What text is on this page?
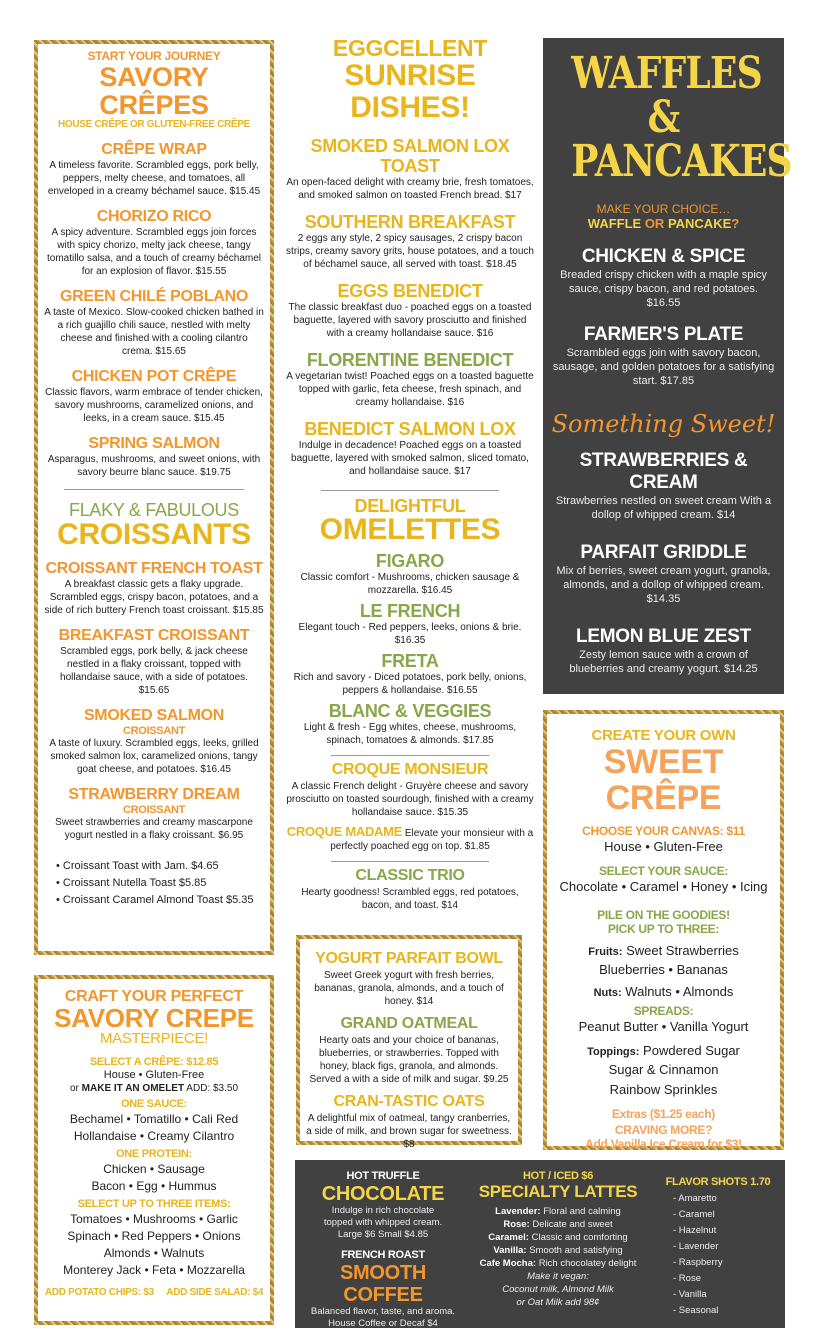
START YOUR JOURNEY
SAVORY CRÊPES
HOUSE CRÊPE OR GLUTEN-FREE CRÊPE
CRÊPE WRAP
A timeless favorite. Scrambled eggs, pork belly, peppers, melty cheese, and tomatoes, all enveloped in a creamy béchamel sauce. $15.45
CHORIZO RICO
A spicy adventure. Scrambled eggs join forces with spicy chorizo, melty jack cheese, tangy tomatillo salsa, and a touch of creamy béchamel for an explosion of flavor. $15.55
GREEN CHILÉ POBLANO
A taste of Mexico. Slow-cooked chicken bathed in a rich guajillo chili sauce, nestled with melty cheese and finished with a cooling cilantro crema. $15.65
CHICKEN POT CRÊPE
Classic flavors, warm embrace of tender chicken, savory mushrooms, caramelized onions, and leeks, in a cream sauce. $15.45
SPRING SALMON
Asparagus, mushrooms, and sweet onions, with savory beurre blanc sauce. $19.75
FLAKY & FABULOUS
CROISSANTS
CROISSANT FRENCH TOAST
A breakfast classic gets a flaky upgrade. Scrambled eggs, crispy bacon, potatoes, and a side of rich buttery French toast croissant. $15.85
BREAKFAST CROISSANT
Scrambled eggs, pork belly, & jack cheese nestled in a flaky croissant, topped with hollandaise sauce, with a side of potatoes. $15.65
SMOKED SALMON
CROISSANT
A taste of luxury. Scrambled eggs, leeks, grilled smoked salmon lox, caramelized onions, tangy goat cheese, and potatoes. $16.45
STRAWBERRY DREAM
CROISSANT
Sweet strawberries and creamy mascarpone yogurt nestled in a flaky croissant. $6.95
• Croissant Toast with Jam. $4.65
• Croissant Nutella Toast $5.85
• Croissant Caramel Almond Toast $5.35
CRAFT YOUR PERFECT
SAVORY CREPE
MASTERPIECE!
SELECT A CRÊPE: $12.85
House • Gluten-Free
or MAKE IT AN OMELET ADD: $3.50
ONE SAUCE:
Bechamel • Tomatillo • Cali Red
Hollandaise • Creamy Cilantro
ONE PROTEIN:
Chicken • Sausage
Bacon • Egg • Hummus
SELECT UP TO THREE ITEMS:
Tomatoes • Mushrooms • Garlic
Spinach • Red Peppers • Onions
Almonds • Walnuts
Monterey Jack • Feta • Mozzarella
ADD POTATO CHIPS: $3 ADD SIDE SALAD: $4
EGGCELLENT
SUNRISE DISHES!
SMOKED SALMON LOX TOAST
An open-faced delight with creamy brie, fresh tomatoes, and smoked salmon on toasted French bread. $17
SOUTHERN BREAKFAST
2 eggs any style, 2 spicy sausages, 2 crispy bacon strips, creamy savory grits, house potatoes, and a touch of béchamel sauce, all served with toast. $18.45
EGGS BENEDICT
The classic breakfast duo - poached eggs on a toasted baguette, layered with savory prosciutto and finished with a creamy hollandaise sauce. $16
FLORENTINE BENEDICT
A vegetarian twist! Poached eggs on a toasted baguette topped with garlic, feta cheese, fresh spinach, and creamy hollandaise. $16
BENEDICT SALMON LOX
Indulge in decadence! Poached eggs on a toasted baguette, layered with smoked salmon, sliced tomato, and hollandaise sauce. $17
DELIGHTFUL
OMELETTES
FIGARO
Classic comfort - Mushrooms, chicken sausage & mozzarella. $16.45
LE FRENCH
Elegant touch - Red peppers, leeks, onions & brie. $16.35
FRETA
Rich and savory - Diced potatoes, pork belly, onions, peppers & hollandaise. $16.55
BLANC & VEGGIES
Light & fresh - Egg whites, cheese, mushrooms, spinach, tomatoes & almonds. $17.85
CROQUE MONSIEUR
A classic French delight - Gruyère cheese and savory prosciutto on toasted sourdough, finished with a creamy hollandaise sauce. $15.35
CROQUE MADAME Elevate your monsieur with a perfectly poached egg on top. $1.85
CLASSIC TRIO
Hearty goodness! Scrambled eggs, red potatoes, bacon, and toast. $14
YOGURT PARFAIT BOWL
Sweet Greek yogurt with fresh berries, bananas, granola, almonds, and a touch of honey. $14
GRAND OATMEAL
Hearty oats and your choice of bananas, blueberries, or strawberries. Topped with honey, black figs, granola, and almonds. Served a with a side of milk and sugar. $9.25
CRAN-TASTIC OATS
A delightful mix of oatmeal, tangy cranberries, a side of milk, and brown sugar for sweetness. $8
WAFFLES &
PANCAKES
MAKE YOUR CHOICE…
WAFFLE OR PANCAKE?
CHICKEN & SPICE
Breaded crispy chicken with a maple spicy sauce, crispy bacon, and red potatoes. $16.55
FARMER'S PLATE
Scrambled eggs join with savory bacon, sausage, and golden potatoes for a satisfying start. $17.85
Something Sweet!
STRAWBERRIES & CREAM
Strawberries nestled on sweet cream With a dollop of whipped cream. $14
PARFAIT GRIDDLE
Mix of berries, sweet cream yogurt, granola, almonds, and a dollop of whipped cream. $14.35
LEMON BLUE ZEST
Zesty lemon sauce with a crown of blueberries and creamy yogurt. $14.25
CREATE YOUR OWN
SWEET CRÊPE
CHOOSE YOUR CANVAS: $11
House • Gluten-Free
SELECT YOUR SAUCE:
Chocolate • Caramel • Honey • Icing
PILE ON THE GOODIES!
PICK UP TO THREE:
Fruits: Sweet Strawberries
Blueberries • Bananas
Nuts: Walnuts • Almonds
SPREADS:
Peanut Butter • Vanilla Yogurt
Toppings: Powdered Sugar
Sugar & Cinnamon
Rainbow Sprinkles
Extras ($1.25 each)
CRAVING MORE?
Add Vanilla Ice Cream for $3!
HOT TRUFFLE
CHOCOLATE
Indulge in rich chocolate
topped with whipped cream.
Large $6 Small $4.85
FRENCH ROAST
SMOOTH COFFEE
Balanced flavor, taste, and aroma.
House Coffee or Decaf $4
HOT / ICED $6
SPECIALTY LATTES
Lavender: Floral and calming
Rose: Delicate and sweet
Caramel: Classic and comforting
Vanilla: Smooth and satisfying
Cafe Mocha: Rich chocolatey delight
Make it vegan:
Coconut milk, Almond Milk
or Oat Milk add 98¢
FLAVOR SHOTS 1.70
- Amaretto
- Caramel
- Hazelnut
- Lavender
- Raspberry
- Rose
- Vanilla
- Seasonal
